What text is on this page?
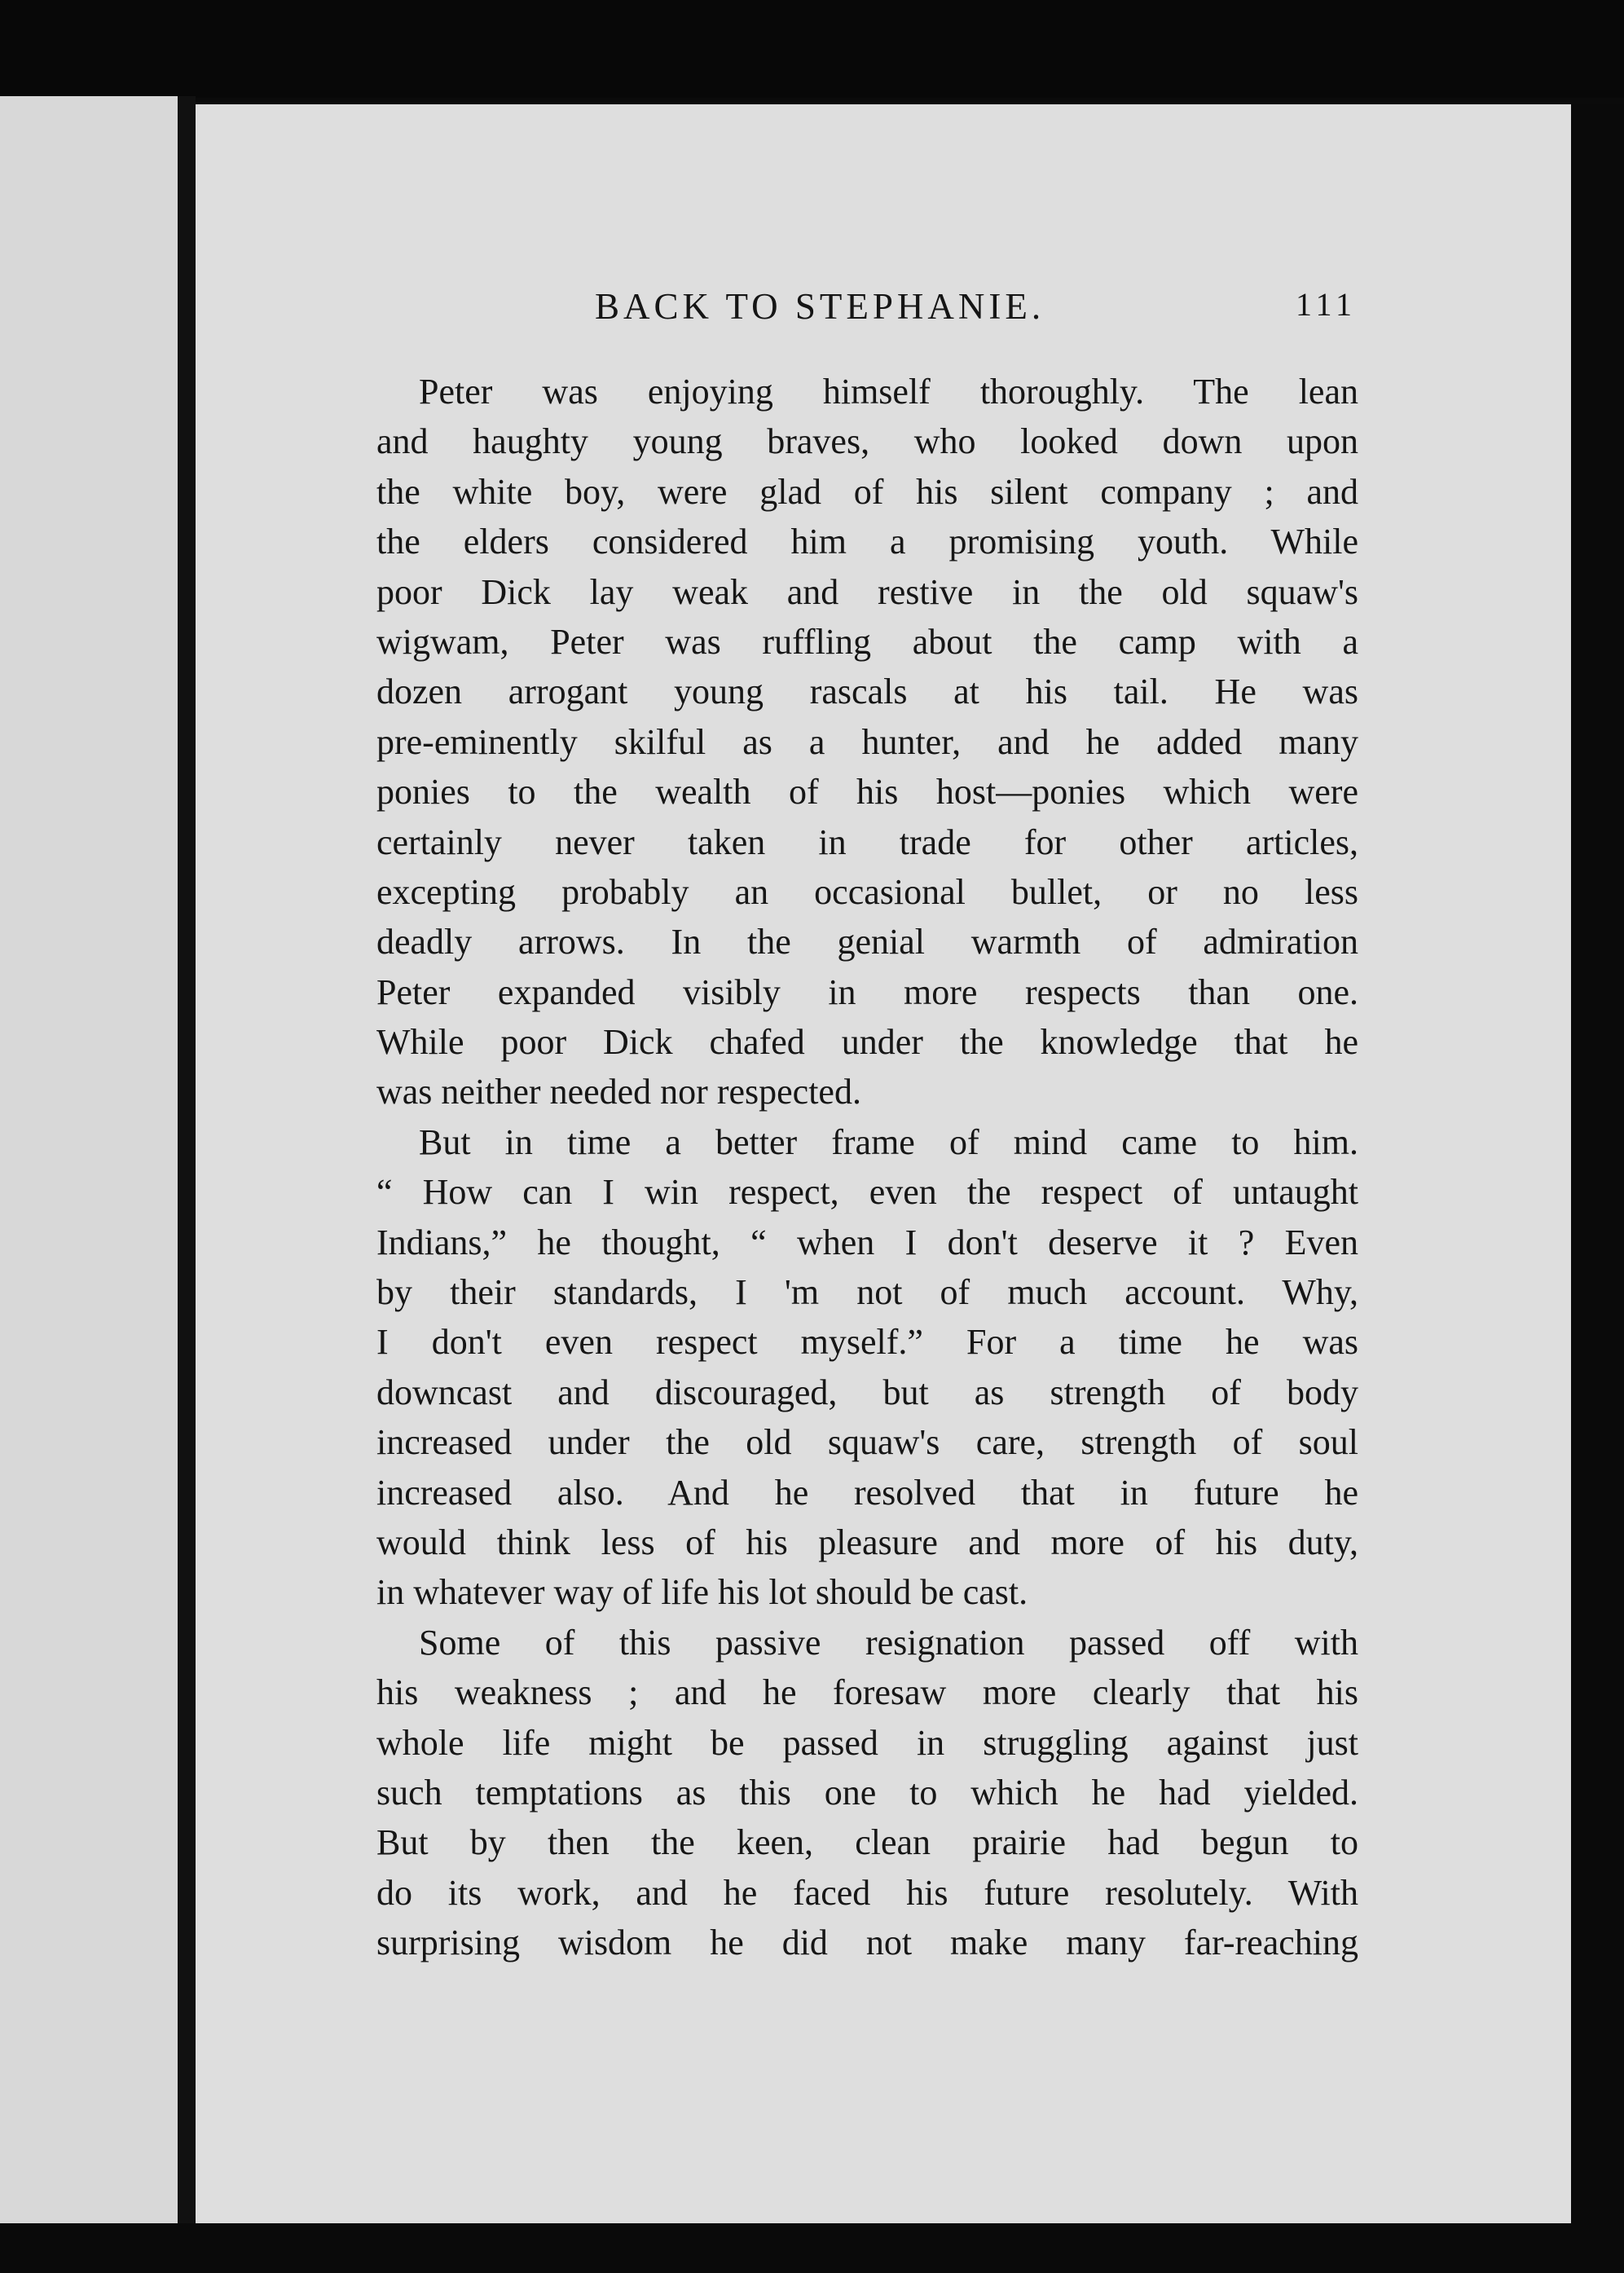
BACK TO STEPHANIE.	111
Peter was enjoying himself thoroughly. The lean
and haughty young braves, who looked down upon
the white boy, were glad of his silent company ; and
the elders considered him a promising youth. While
poor Dick lay weak and restive in the old squaw's
wigwam, Peter was ruffling about the camp with a
dozen arrogant young rascals at his tail. He was
pre-eminently skilful as a hunter, and he added many
ponies to the wealth of his host—ponies which were
certainly never taken in trade for other articles,
excepting probably an occasional bullet, or no less
deadly arrows. In the genial warmth of admiration
Peter expanded visibly in more respects than one.
While poor Dick chafed under the knowledge that he
was neither needed nor respected.
But in time a better frame of mind came to him.
“ How can I win respect, even the respect of untaught
Indians,” he thought, “ when I don't deserve it ? Even
by their standards, I 'm not of much account. Why,
I don't even respect myself.” For a time he was
downcast and discouraged, but as strength of body
increased under the old squaw's care, strength of soul
increased also. And he resolved that in future he
would think less of his pleasure and more of his duty,
in whatever way of life his lot should be cast.
Some of this passive resignation passed off with
his weakness ; and he foresaw more clearly that his
whole life might be passed in struggling against just
such temptations as this one to which he had yielded.
But by then the keen, clean prairie had begun to
do its work, and he faced his future resolutely. With
surprising wisdom he did not make many far-reaching
